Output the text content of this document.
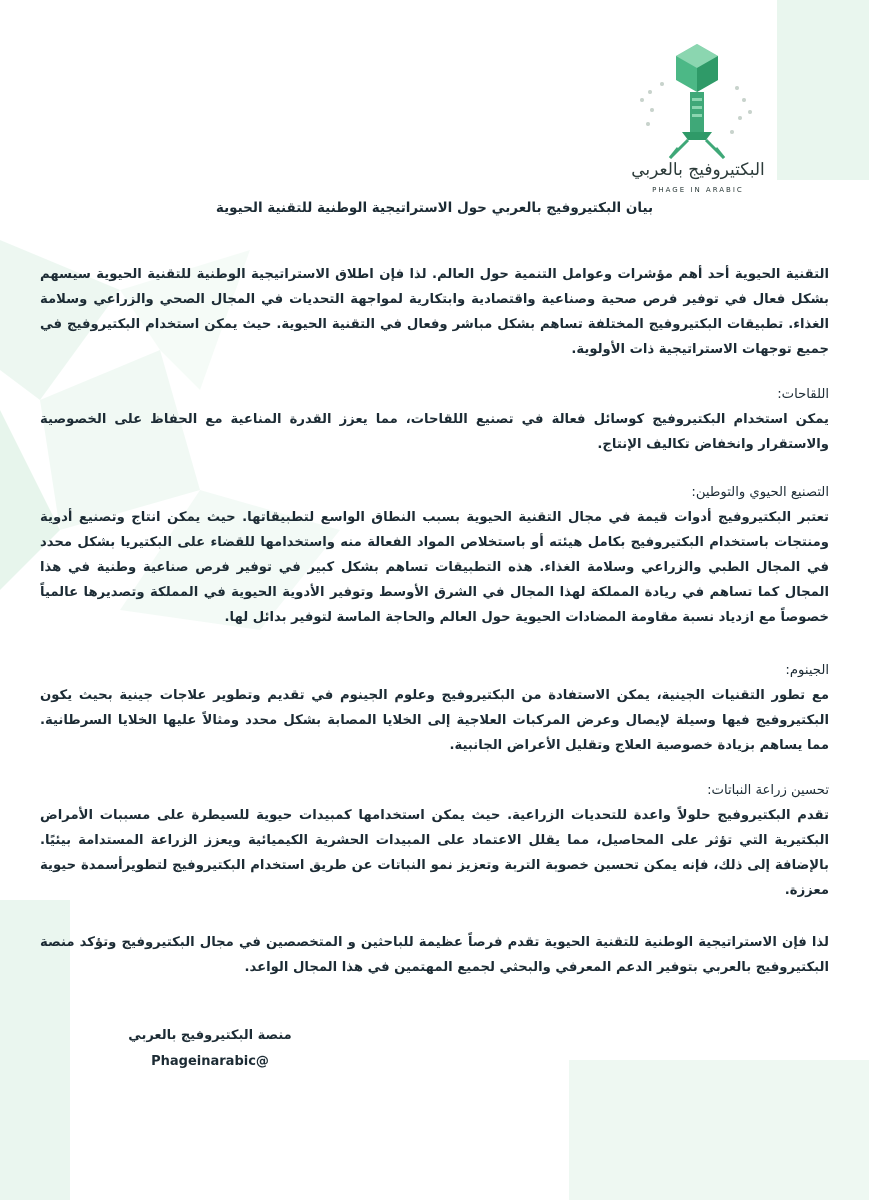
البكتيروفيج بالعربي
PHAGE IN ARABIC
بيان البكتيروفيج بالعربي حول الاستراتيجية الوطنية للتقنية الحيوية

التقنية الحيوية أحد أهم مؤشرات وعوامل التنمية حول العالم. لذا فإن اطلاق الاستراتيجية الوطنية للتقنية الحيوية سيسهم بشكل فعال في توفير فرص صحية وصناعية واقتصادية وابتكارية لمواجهة التحديات في المجال الصحي والزراعي وسلامة الغذاء. تطبيقات البكتيروفيج المختلفة تساهم بشكل مباشر وفعال في التقنية الحيوية. حيث يمكن استخدام البكتيروفيج في جميع توجهات الاستراتيجية ذات الأولوية.

اللقاحات:

يمكن استخدام البكتيروفيج كوسائل فعالة في تصنيع اللقاحات، مما يعزز القدرة المناعية مع الحفاظ على الخصوصية والاستقرار وانخفاض تكاليف الإنتاج.

التصنيع الحيوي والتوطين:

تعتبر البكتيروفيج أدوات قيمة في مجال التقنية الحيوية بسبب النطاق الواسع لتطبيقاتها. حيث يمكن انتاج وتصنيع أدوية ومنتجات باستخدام البكتيروفيج بكامل هيئته أو باستخلاص المواد الفعالة منه واستخدامها للقضاء على البكتيريا بشكل محدد في المجال الطبي والزراعي وسلامة الغذاء. هذه التطبيقات تساهم بشكل كبير في توفير فرص صناعية وطنية في هذا المجال كما تساهم في ريادة المملكة لهذا المجال في الشرق الأوسط وتوفير الأدوية الحيوية في المملكة وتصديرها عالمياً خصوصاً مع ازدياد نسبة مقاومة المضادات الحيوية حول العالم والحاجة الماسة لتوفير بدائل لها.

الجينوم:

مع تطور التقنيات الجينية، يمكن الاستفادة من البكتيروفيج وعلوم الجينوم في تقديم وتطوير علاجات جينية بحيث يكون البكتيروفيج فيها وسيلة لإيصال وعرض المركبات العلاجية إلى الخلايا المصابة بشكل محدد ومثالاً عليها الخلايا السرطانية. مما يساهم بزيادة خصوصية العلاج وتقليل الأعراض الجانبية.

تحسين زراعة النباتات:

تقدم البكتيروفيج حلولاً واعدة للتحديات الزراعية. حيث يمكن استخدامها كمبيدات حيوية للسيطرة على مسببات الأمراض البكتيرية التي تؤثر على المحاصيل، مما يقلل الاعتماد على المبيدات الحشرية الكيميائية ويعزز الزراعة المستدامة بيئيًا. بالإضافة إلى ذلك، فإنه يمكن تحسين خصوبة التربة وتعزيز نمو النباتات عن طريق استخدام البكتيروفيج لتطويرأسمدة حيوية معززة.

لذا فإن الاستراتيجية الوطنية للتقنية الحيوية تقدم فرصاً عظيمة للباحثين و المتخصصين في مجال البكتيروفيج وتؤكد منصة البكتيروفيج بالعربي بتوفير الدعم المعرفي والبحثي لجميع المهتمين في هذا المجال الواعد.

منصة البكتيروفيج بالعربي
@Phageinarabic
